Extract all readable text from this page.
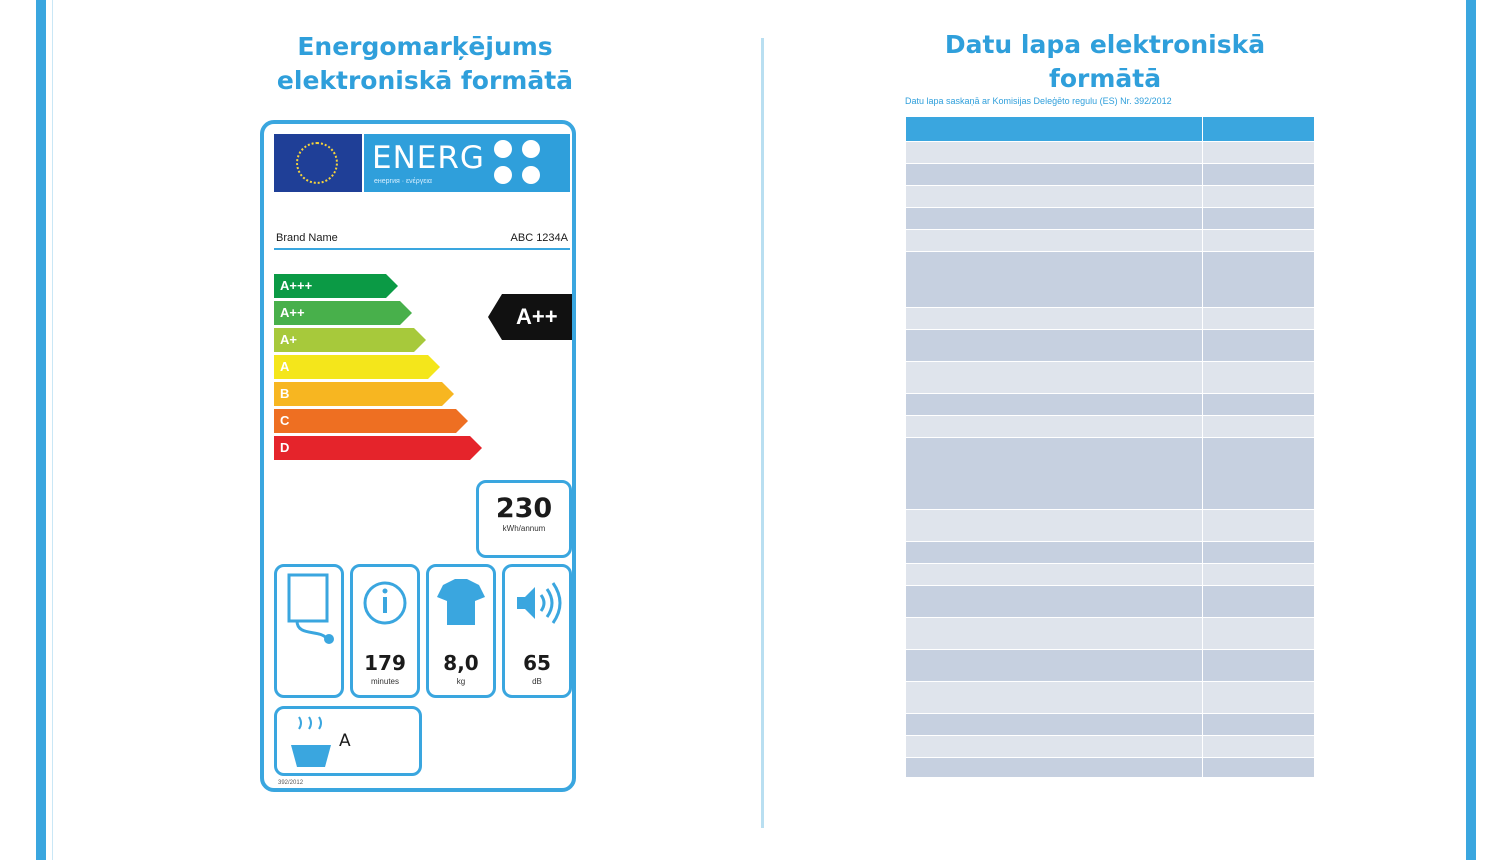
Energomarķējums
elektroniskā formātā
ENERG
енергия · ενέργεια
Brand Name	ABC 1234A
A+++
A++
A+
A
B
C
D
A++
230
kWh/annum
179
minutes
8,0
kg
65
dB
A
392/2012
Datu lapa elektroniskā
formātā
Datu lapa saskaņā ar Komisijas Deleģēto regulu (ES) Nr. 392/2012
